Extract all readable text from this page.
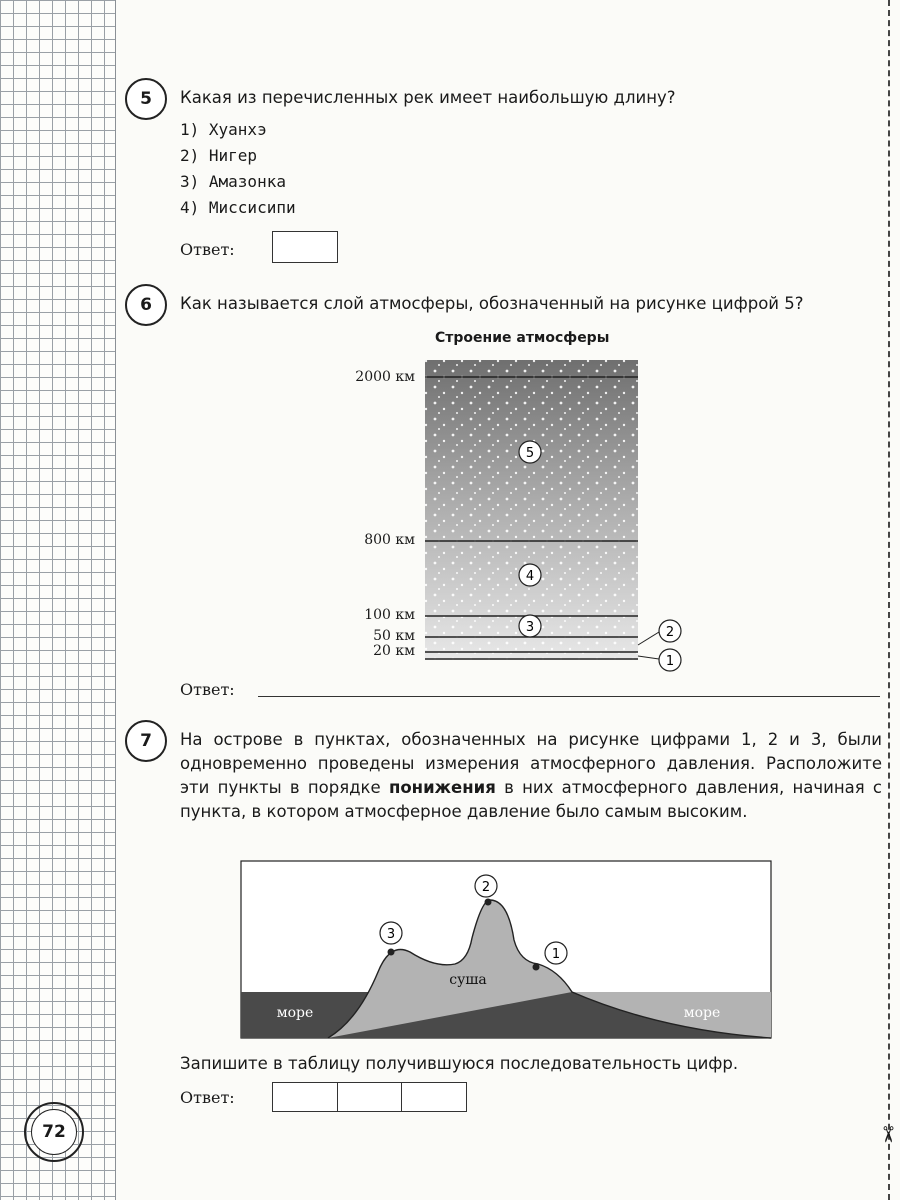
✂
5	Какая из перечисленных рек имеет наибольшую длину?
1) Хуанхэ
2) Нигер
3) Амазонка
4) Миссисипи
Ответ:
6	Как называется слой атмосферы, обозначенный на рисунке цифрой 5?
Строение атмосферы
5
4
3	2
1
2000 км
800 км
100 км
50 км
20 км
Ответ:
7	На острове в пунктах, обозначенных на рисунке цифрами 1, 2 и 3, были одновременно проведены измерения атмосферного давления. Расположите эти пункты в порядке понижения в них атмосферного давления, начиная с пункта, в котором атмосферное давление было самым высоким.
3
2
1
суша
море	море
Запишите в таблицу получившуюся последовательность цифр.
Ответ:
72
